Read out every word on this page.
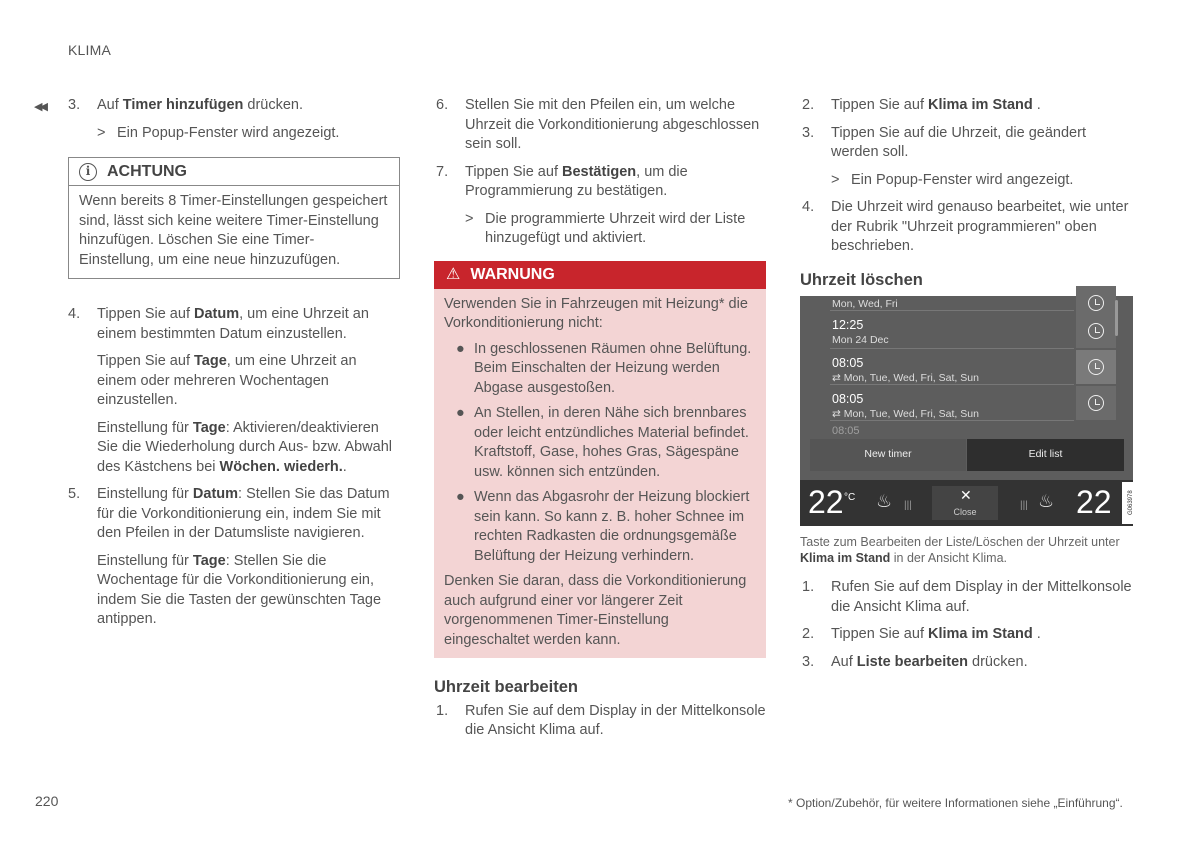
KLIMA
◀◀ 3. Auf Timer hinzufügen drücken.
> Ein Popup-Fenster wird angezeigt.
i	ACHTUNG
Wenn bereits 8 Timer-Einstellungen gespeichert sind, lässt sich keine weitere Timer-Einstellung hinzufügen. Löschen Sie eine Timer-Einstellung, um eine neue hinzuzufügen.
4. Tippen Sie auf Datum, um eine Uhrzeit an einem bestimmten Datum einzustellen.
Tippen Sie auf Tage, um eine Uhrzeit an einem oder mehreren Wochentagen einzustellen.
Einstellung für Tage: Aktivieren/deaktivieren Sie die Wiederholung durch Aus- bzw. Abwahl des Kästchens bei Wöchen. wiederh..
5. Einstellung für Datum: Stellen Sie das Datum für die Vorkonditionierung ein, indem Sie mit den Pfeilen in der Datumsliste navigieren.
Einstellung für Tage: Stellen Sie die Wochentage für die Vorkonditionierung ein, indem Sie die Tasten der gewünschten Tage antippen.
6. Stellen Sie mit den Pfeilen ein, um welche Uhrzeit die Vorkonditionierung abgeschlossen sein soll.
7. Tippen Sie auf Bestätigen, um die Programmierung zu bestätigen.
> Die programmierte Uhrzeit wird der Liste hinzugefügt und aktiviert.
⚠ WARNUNG
Verwenden Sie in Fahrzeugen mit Heizung* die Vorkonditionierung nicht:
● In geschlossenen Räumen ohne Belüftung. Beim Einschalten der Heizung werden Abgase ausgestoßen.
● An Stellen, in deren Nähe sich brennbares oder leicht entzündliches Material befindet. Kraftstoff, Gase, hohes Gras, Sägespäne usw. können sich entzünden.
● Wenn das Abgasrohr der Heizung blockiert sein kann. So kann z. B. hoher Schnee im rechten Radkasten die ordnungsgemäße Belüftung der Heizung verhindern.
Denken Sie daran, dass die Vorkonditionierung auch aufgrund einer vor längerer Zeit vorgenommenen Timer-Einstellung eingeschaltet werden kann.
Uhrzeit bearbeiten
1. Rufen Sie auf dem Display in der Mittelkonsole die Ansicht Klima auf.
2. Tippen Sie auf Klima im Stand .
3. Tippen Sie auf die Uhrzeit, die geändert werden soll.
> Ein Popup-Fenster wird angezeigt.
4. Die Uhrzeit wird genauso bearbeitet, wie unter der Rubrik "Uhrzeit programmieren" oben beschrieben.
Uhrzeit löschen
Mon, Wed, Fri
12:25
Mon 24 Dec
08:05
⇄ Mon, Tue, Wed, Fri, Sat, Sun
08:05
⇄ Mon, Tue, Wed, Fri, Sat, Sun
08:05
New timer	Edit list
22 °C ♨ |||
✕
Close
||| ♨ 22	G063978
Taste zum Bearbeiten der Liste/Löschen der Uhrzeit unter Klima im Stand in der Ansicht Klima.
1. Rufen Sie auf dem Display in der Mittelkonsole die Ansicht Klima auf.
2. Tippen Sie auf Klima im Stand .
3. Auf Liste bearbeiten drücken.
220	* Option/Zubehör, für weitere Informationen siehe „Einführung“.
